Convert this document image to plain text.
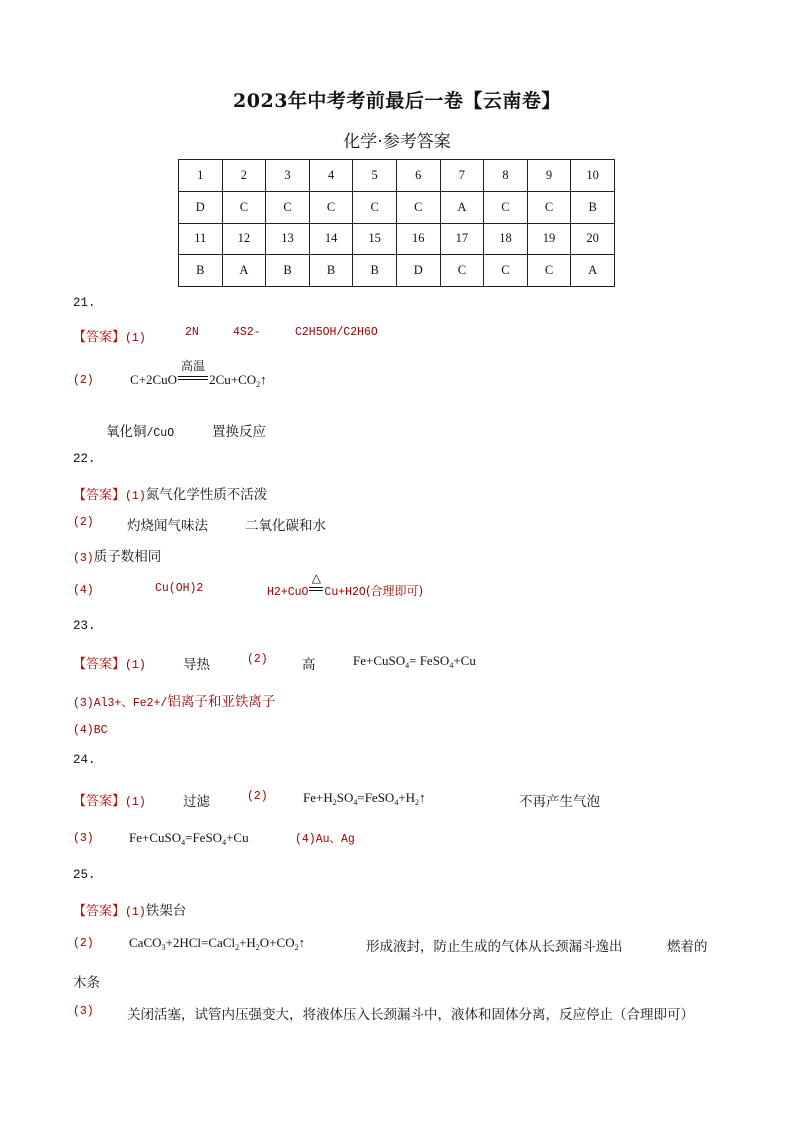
2023年中考考前最后一卷【云南卷】
化学·参考答案
1	2	3	4	5	6	7	8	9	10
D	C	C	C	C	C	A	C	C	B
11	12	13	14	15	16	17	18	19	20
B	A	B	B	B	D	C	C	C	A
21.
【答案】(1)	2N	4S2-	C2H5OH/C2H6O
(2)	C+2CuO
高温
$2Cu+CO_2↑$
氧化铜/CuO	置换反应
22.
【答案】(1)氮气化学性质不活泼
(2) 灼烧闻气味法	二氧化碳和水
(3)质子数相同
(4)	Cu(OH)2	H2+CuO
△
Cu+H2O(合理即可)
23.
【答案】(1)	导热	(2)	高	Fe+CuSO$_4$= FeSO$_4$+Cu
(3)Al3+、Fe2+/铝离子和亚铁离子
(4)BC
24.
【答案】(1)	过滤	(2)	$Fe+H_2SO_4=FeSO_4+H_2↑$	不再产生气泡
(3)	Fe+CuSO$_4$=FeSO$_4$+Cu	(4)Au、Ag
25.
【答案】(1)铁架台
(2)	$CaCO_3+2HCl=CaCl_2+H_2O+CO_2↑$	形成液封，防止生成的气体从长颈漏斗逸出	燃着的
木条
(3) 关闭活塞，试管内压强变大，将液体压入长颈漏斗中，液体和固体分离，反应停止（合理即可）
